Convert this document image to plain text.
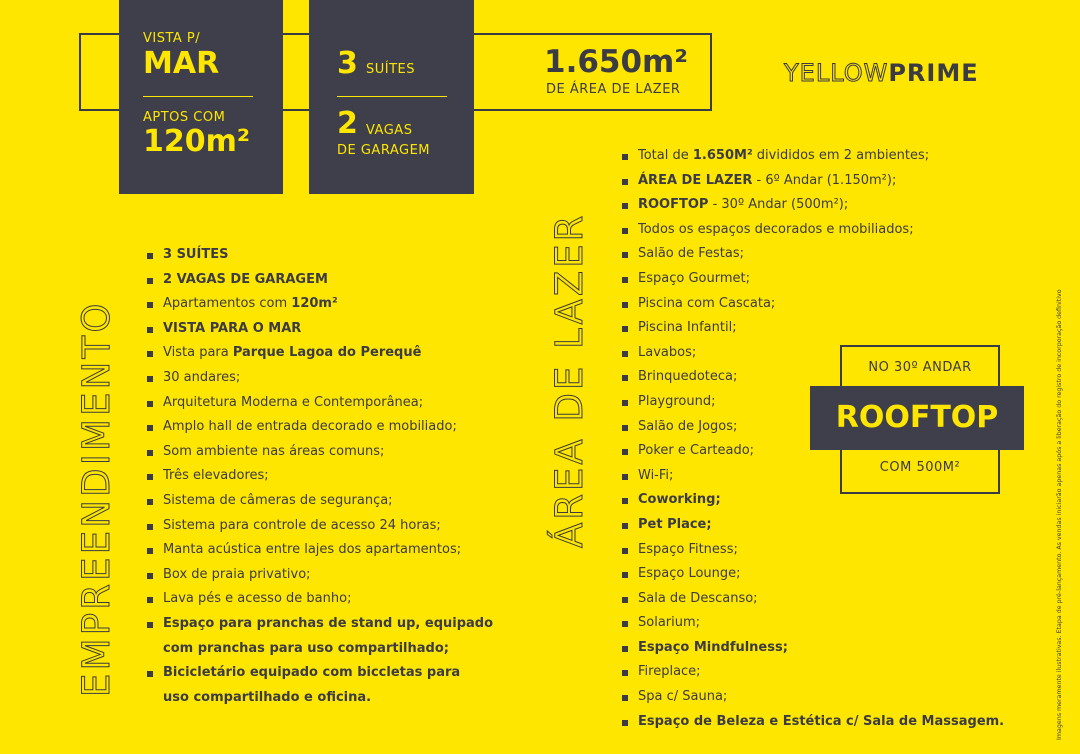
VISTA P/
MAR
APTOS COM
120m²
3 SUÍTES
2 VAGAS
DE GARAGEM
1.650m²
DE ÁREA DE LAZER
YELLOWPRIME
EMPREENDIMENTO	ÁREA DE LAZER
3 SUÍTES
2 VAGAS DE GARAGEM
Apartamentos com 120m²
VISTA PARA O MAR
Vista para Parque Lagoa do Perequê
30 andares;
Arquitetura Moderna e Contemporânea;
Amplo hall de entrada decorado e mobiliado;
Som ambiente nas áreas comuns;
Três elevadores;
Sistema de câmeras de segurança;
Sistema para controle de acesso 24 horas;
Manta acústica entre lajes dos apartamentos;
Box de praia privativo;
Lava pés e acesso de banho;
Espaço para pranchas de stand up, equipado
com pranchas para uso compartilhado;
Bicicletário equipado com biccletas para
uso compartilhado e oficina.
Total de 1.650M² divididos em 2 ambientes;
ÁREA DE LAZER - 6º Andar (1.150m²);
ROOFTOP - 30º Andar (500m²);
Todos os espaços decorados e mobiliados;
Salão de Festas;
Espaço Gourmet;
Piscina com Cascata;
Piscina Infantil;
Lavabos;
Brinquedoteca;
Playground;
Salão de Jogos;
Poker e Carteado;
Wi-Fi;
Coworking;
Pet Place;
Espaço Fitness;
Espaço Lounge;
Sala de Descanso;
Solarium;
Espaço Mindfulness;
Fireplace;
Spa c/ Sauna;
Espaço de Beleza e Estética c/ Sala de Massagem.
NO 30º ANDAR
ROOFTOP
COM 500M²	Imagens meramente ilustrativas. Etapa de pré-lançamento. As vendas iniciarão apenas após a liberação do registro de incorporação definitivo
